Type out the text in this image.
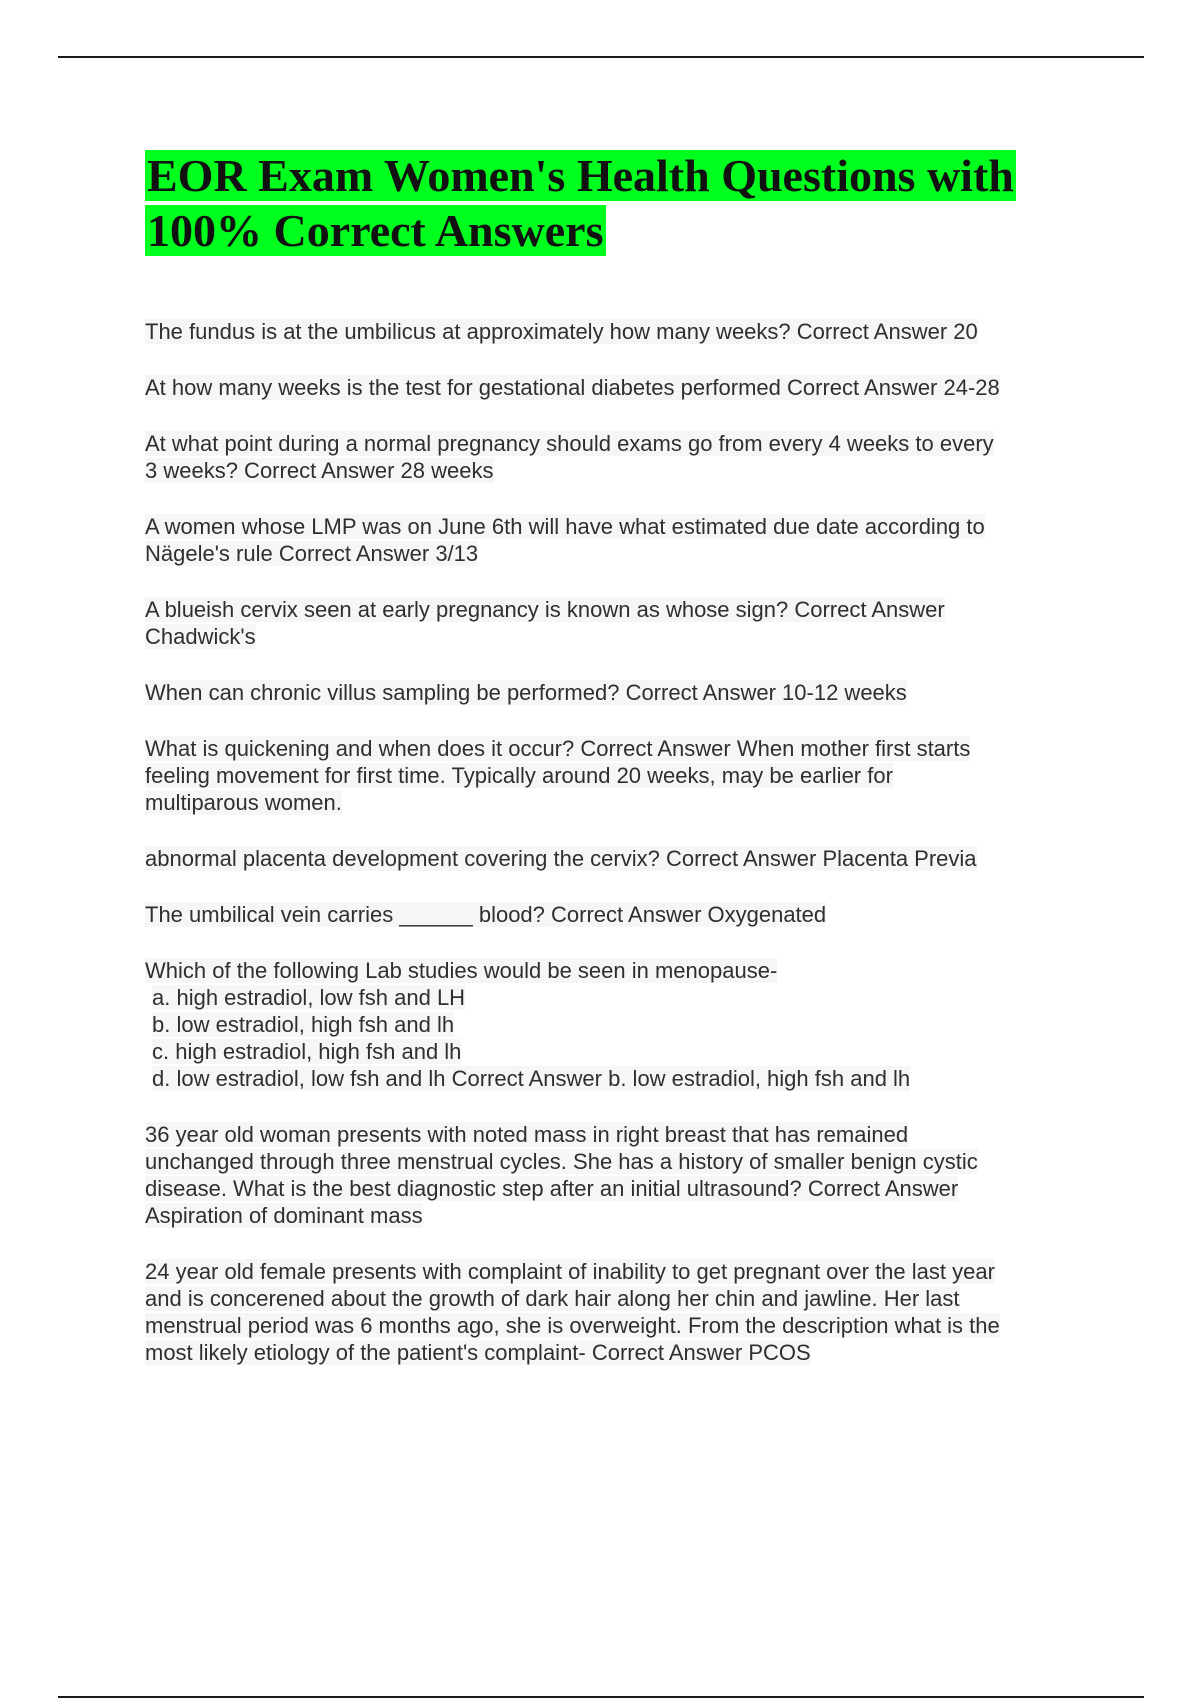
EOR Exam Women's Health Questions with
100% Correct Answers
The fundus is at the umbilicus at approximately how many weeks? Correct Answer 20
At how many weeks is the test for gestational diabetes performed Correct Answer 24-28
At what point during a normal pregnancy should exams go from every 4 weeks to every
3 weeks? Correct Answer 28 weeks
A women whose LMP was on June 6th will have what estimated due date according to
Nägele's rule Correct Answer 3/13
A blueish cervix seen at early pregnancy is known as whose sign? Correct Answer
Chadwick's
When can chronic villus sampling be performed? Correct Answer 10-12 weeks
What is quickening and when does it occur? Correct Answer When mother first starts
feeling movement for first time. Typically around 20 weeks, may be earlier for
multiparous women.
abnormal placenta development covering the cervix? Correct Answer Placenta Previa
The umbilical vein carries ______ blood? Correct Answer Oxygenated
Which of the following Lab studies would be seen in menopause-
a. high estradiol, low fsh and LH
b. low estradiol, high fsh and lh
c. high estradiol, high fsh and lh
d. low estradiol, low fsh and lh Correct Answer b. low estradiol, high fsh and lh
36 year old woman presents with noted mass in right breast that has remained
unchanged through three menstrual cycles. She has a history of smaller benign cystic
disease. What is the best diagnostic step after an initial ultrasound? Correct Answer
Aspiration of dominant mass
24 year old female presents with complaint of inability to get pregnant over the last year
and is concerened about the growth of dark hair along her chin and jawline. Her last
menstrual period was 6 months ago, she is overweight. From the description what is the
most likely etiology of the patient's complaint- Correct Answer PCOS
